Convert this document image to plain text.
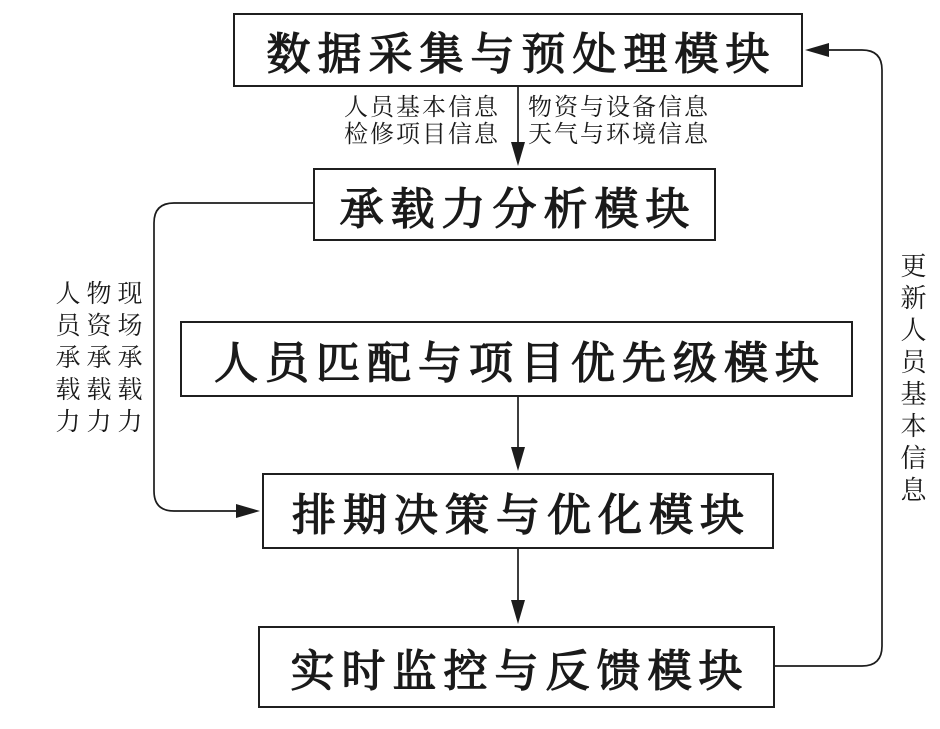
数据采集与预处理模块
承载力分析模块
人员匹配与项目优先级模块
排期决策与优化模块
实时监控与反馈模块
人员基本信息
检修项目信息
物资与设备信息
天气与环境信息
人员承载力 物资承载力 现场承载力	更新人员基本信息
